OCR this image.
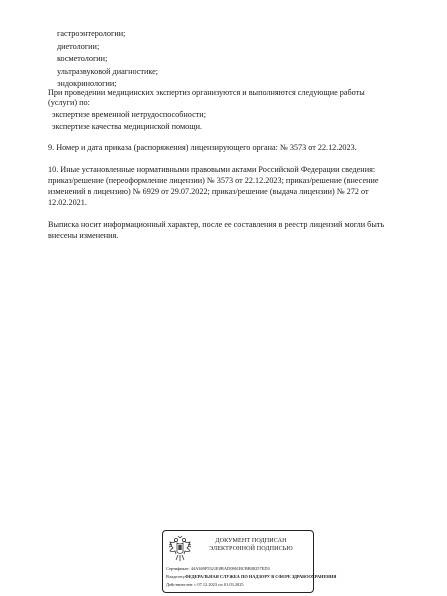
гастроэнтерологии;
диетологии;
косметологии;
ультразвуковой диагностике;
эндокринологии;
При проведении медицинских экспертиз организуются и выполняются следующие работы
(услуги) по:
экспертизе временной нетрудоспособности;
экспертизе качества медицинской помощи.
9. Номер и дата приказа (распоряжения) лицензирующего органа: № 3573 от 22.12.2023.
10. Иные установленные нормативными правовыми актами Российской Федерации сведения:
приказ/решение (переоформление лицензии) № 3573 от 22.12.2023; приказ/решение (внесение
изменений в лицензию) № 6929 от 29.07.2022; приказ/решение (выдача лицензии) № 272 от
12.02.2021.
Выписка носит информационный характер, после ее составления в реестр лицензий могли быть
внесены изменения.
ДОКУМЕНТ ПОДПИСАН
ЭЛЕКТРОННОЙ ПОДПИСЬЮ
Сертификат: 44A369F5521E0BAD0861BCBB08257ED3
Владелец:ФЕДЕРАЛЬНАЯ СЛУЖБА ПО НАДЗОРУ В СФЕРЕ ЗДРАВООХРАНЕНИЯ
Действителен: с 07.12.2023 по 01.03.2025
